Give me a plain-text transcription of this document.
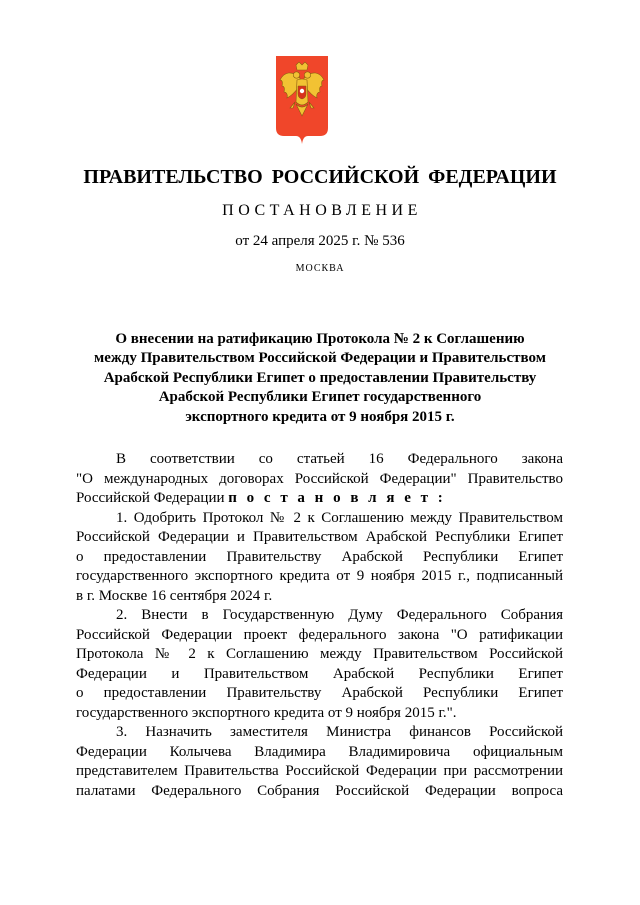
ПРАВИТЕЛЬСТВО РОССИЙСКОЙ ФЕДЕРАЦИИ
ПОСТАНОВЛЕНИЕ
от 24 апреля 2025 г. № 536
МОСКВА
О внесении на ратификацию Протокола № 2 к Соглашению
между Правительством Российской Федерации и Правительством
Арабской Республики Египет о предоставлении Правительству
Арабской Республики Египет государственного
экспортного кредита от 9 ноября 2015 г.
В соответствии со статьей 16 Федерального закона
"О международных договорах Российской Федерации" Правительство
Российской Федерации п о с т а н о в л я е т :
1. Одобрить Протокол № 2 к Соглашению между Правительством
Российской Федерации и Правительством Арабской Республики Египет
о предоставлении Правительству Арабской Республики Египет
государственного экспортного кредита от 9 ноября 2015 г., подписанный
в г. Москве 16 сентября 2024 г.
2. Внести в Государственную Думу Федерального Собрания
Российской Федерации проект федерального закона "О ратификации
Протокола № 2 к Соглашению между Правительством Российской
Федерации и Правительством Арабской Республики Египет
о предоставлении Правительству Арабской Республики Египет
государственного экспортного кредита от 9 ноября 2015 г.".
3. Назначить заместителя Министра финансов Российской
Федерации Колычева Владимира Владимировича официальным
представителем Правительства Российской Федерации при рассмотрении
палатами Федерального Собрания Российской Федерации вопроса
